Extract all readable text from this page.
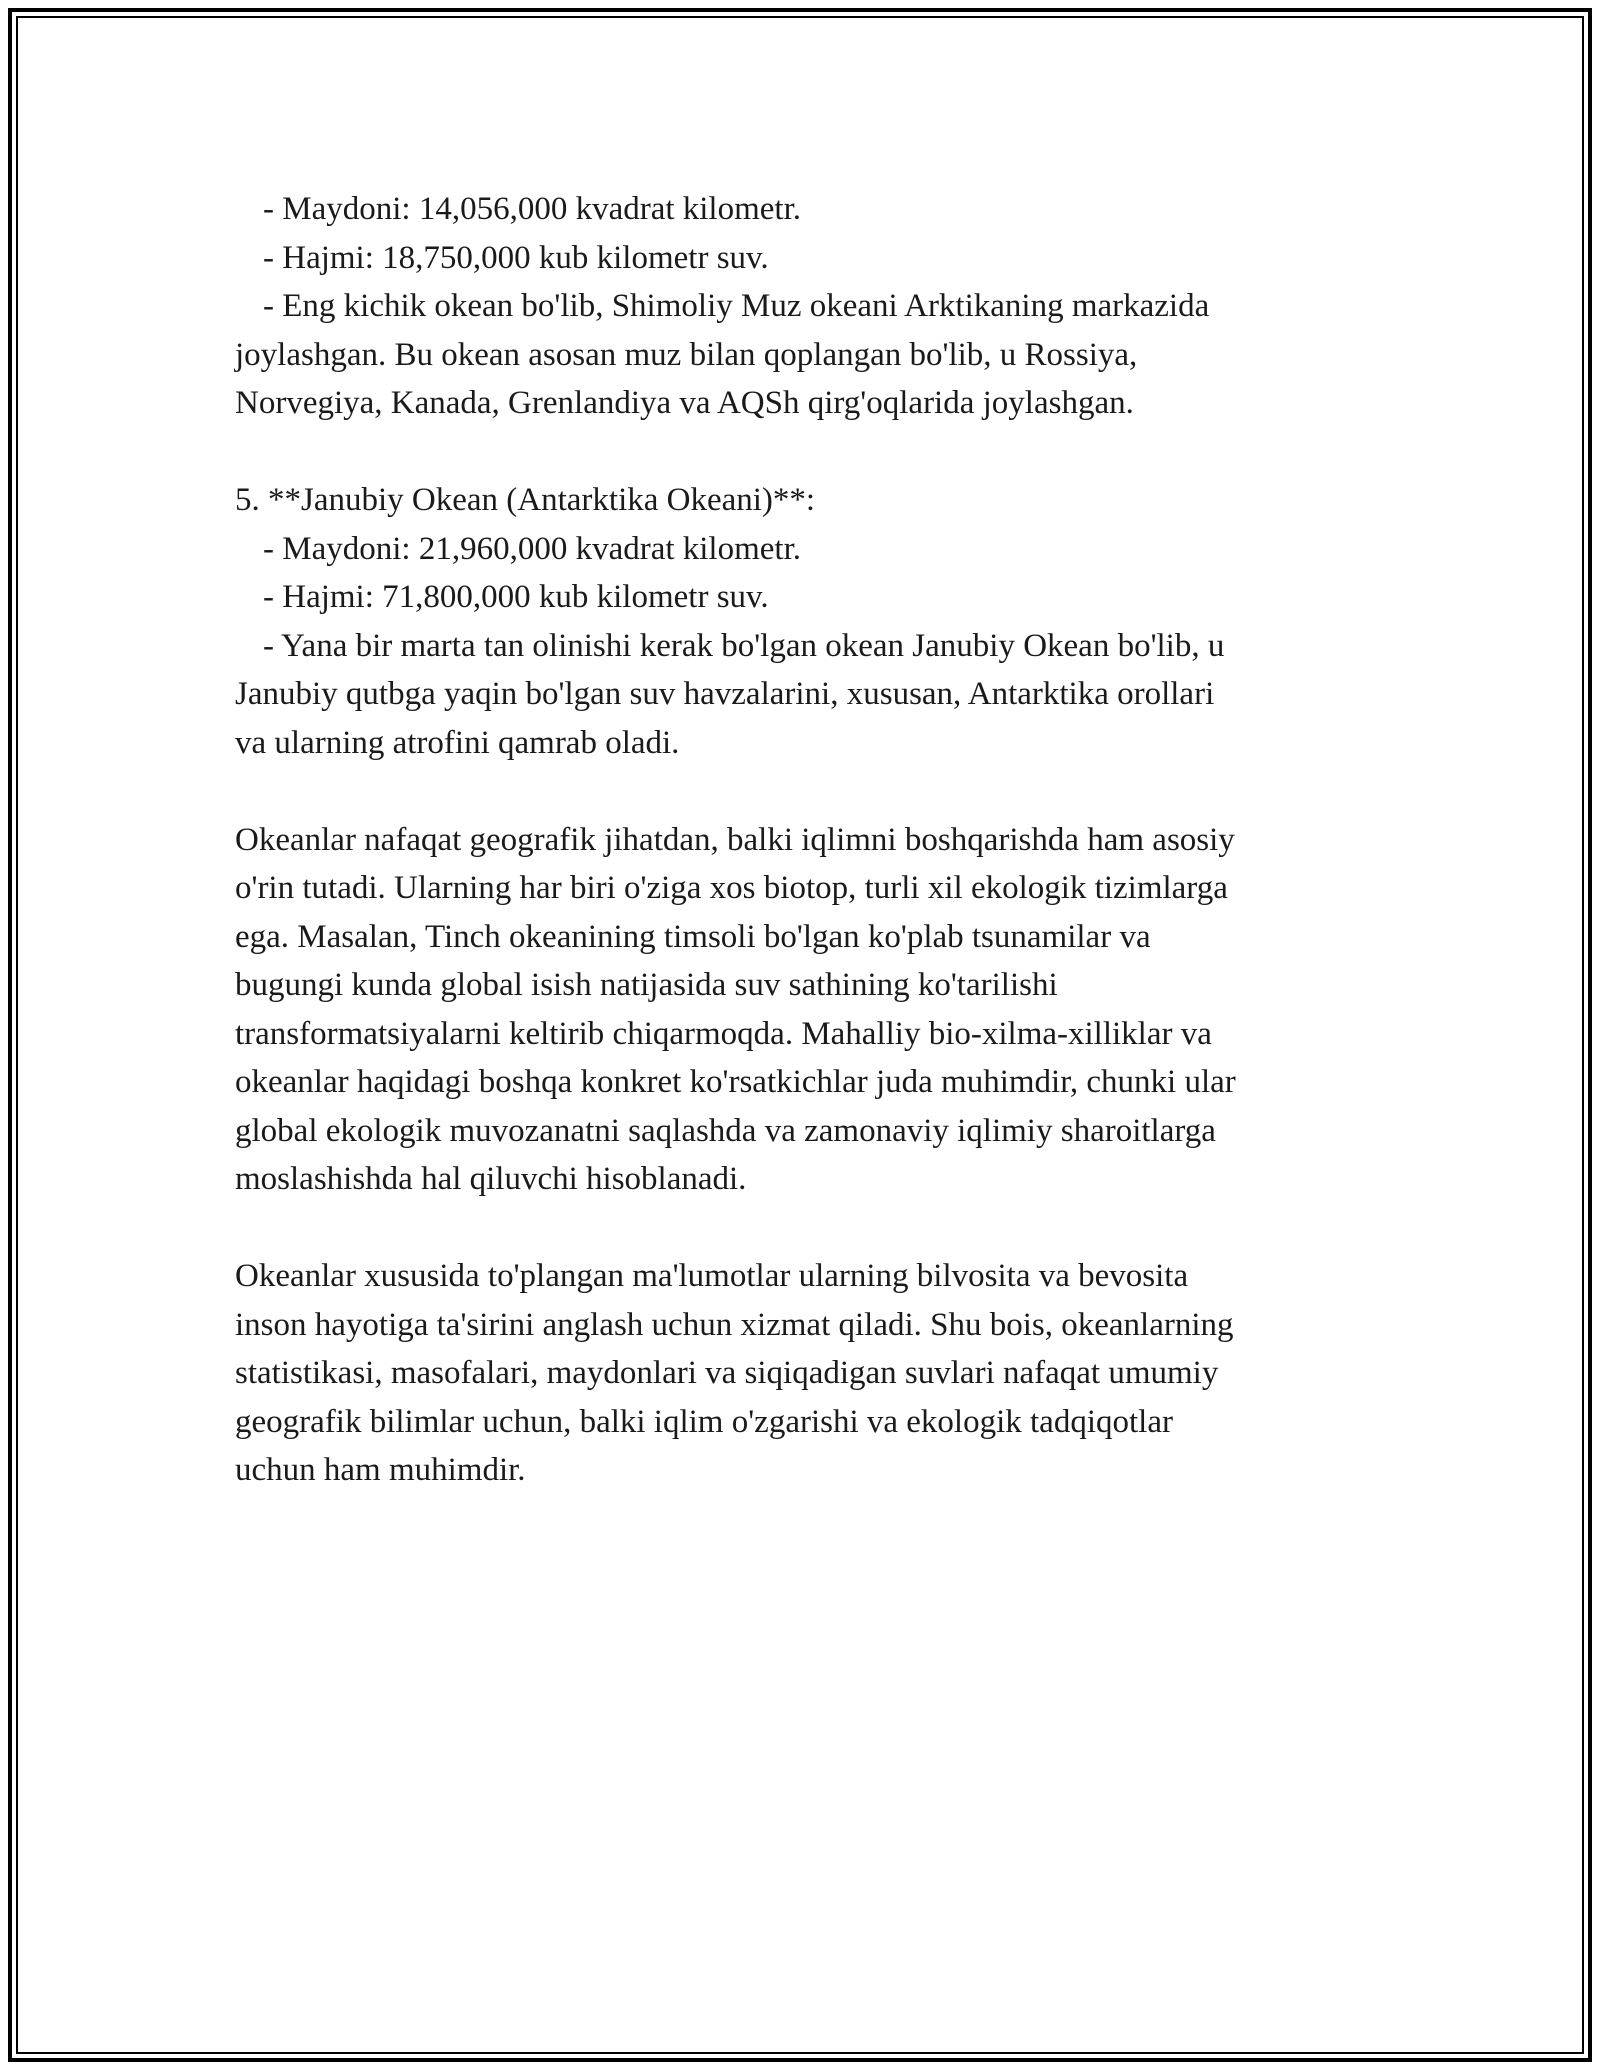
- Maydoni: 14,056,000 kvadrat kilometr.
- Hajmi: 18,750,000 kub kilometr suv.
- Eng kichik okean bo'lib, Shimoliy Muz okeani Arktikaning markazida
joylashgan. Bu okean asosan muz bilan qoplangan bo'lib, u Rossiya,
Norvegiya, Kanada, Grenlandiya va AQSh qirg'oqlarida joylashgan.
5. **Janubiy Okean (Antarktika Okeani)**:
- Maydoni: 21,960,000 kvadrat kilometr.
- Hajmi: 71,800,000 kub kilometr suv.
- Yana bir marta tan olinishi kerak bo'lgan okean Janubiy Okean bo'lib, u
Janubiy qutbga yaqin bo'lgan suv havzalarini, xususan, Antarktika orollari
va ularning atrofini qamrab oladi.
Okeanlar nafaqat geografik jihatdan, balki iqlimni boshqarishda ham asosiy
o'rin tutadi. Ularning har biri o'ziga xos biotop, turli xil ekologik tizimlarga
ega. Masalan, Tinch okeanining timsoli bo'lgan ko'plab tsunamilar va
bugungi kunda global isish natijasida suv sathining ko'tarilishi
transformatsiyalarni keltirib chiqarmoqda. Mahalliy bio-xilma-xilliklar va
okeanlar haqidagi boshqa konkret ko'rsatkichlar juda muhimdir, chunki ular
global ekologik muvozanatni saqlashda va zamonaviy iqlimiy sharoitlarga
moslashishda hal qiluvchi hisoblanadi.
Okeanlar xususida to'plangan ma'lumotlar ularning bilvosita va bevosita
inson hayotiga ta'sirini anglash uchun xizmat qiladi. Shu bois, okeanlarning
statistikasi, masofalari, maydonlari va siqiqadigan suvlari nafaqat umumiy
geografik bilimlar uchun, balki iqlim o'zgarishi va ekologik tadqiqotlar
uchun ham muhimdir.
